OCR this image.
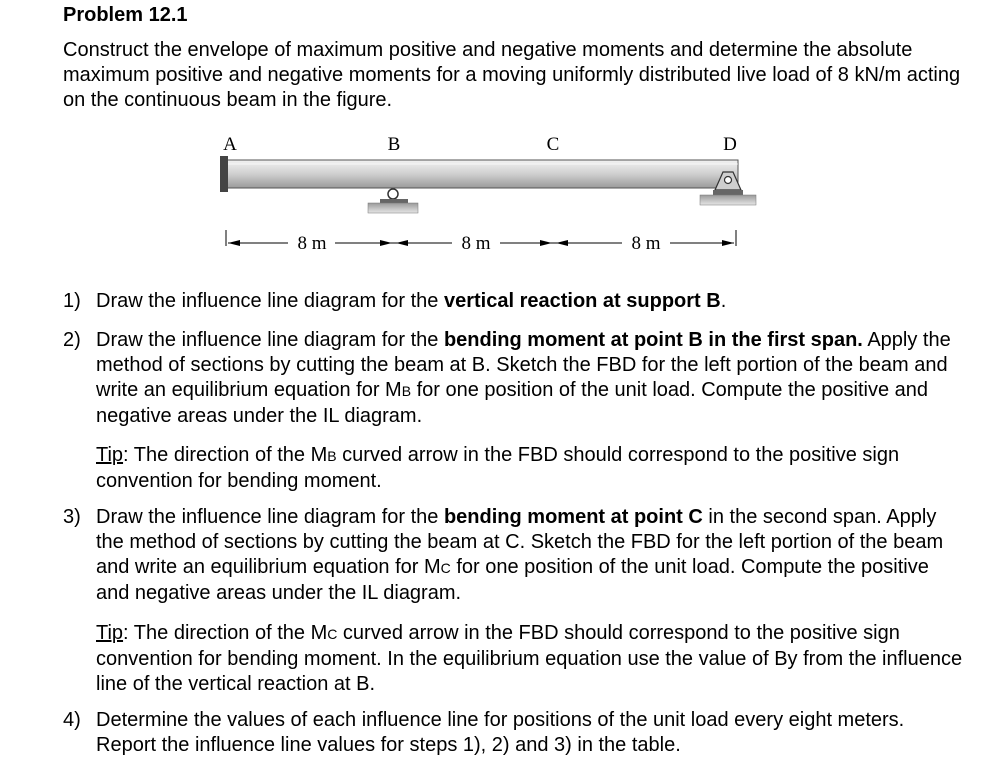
Problem 12.1
Construct the envelope of maximum positive and negative moments and determine the absolute maximum positive and negative moments for a moving uniformly distributed live load of 8 kN/m acting on the continuous beam in the figure.
A	B	C	D
8 m	8 m	8 m
1) Draw the influence line diagram for the vertical reaction at support B.
2) Draw the influence line diagram for the bending moment at point B in the first span. Apply the method of sections by cutting the beam at B. Sketch the FBD for the left portion of the beam and write an equilibrium equation for MB for one position of the unit load. Compute the positive and negative areas under the IL diagram.
Tip: The direction of the MB curved arrow in the FBD should correspond to the positive sign convention for bending moment.
3) Draw the influence line diagram for the bending moment at point C in the second span. Apply the method of sections by cutting the beam at C. Sketch the FBD for the left portion of the beam and write an equilibrium equation for MC for one position of the unit load. Compute the positive and negative areas under the IL diagram.
Tip: The direction of the MC curved arrow in the FBD should correspond to the positive sign convention for bending moment. In the equilibrium equation use the value of By from the influence line of the vertical reaction at B.
4) Determine the values of each influence line for positions of the unit load every eight meters. Report the influence line values for steps 1), 2) and 3) in the table.
